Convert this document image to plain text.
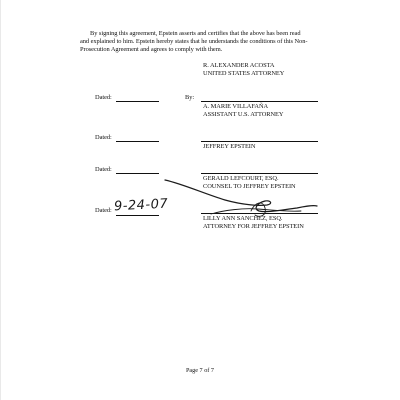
By signing this agreement, Epstein asserts and certifies that the above has been read
and explained to him. Epstein hereby states that he understands the conditions of this Non-
Prosecution Agreement and agrees to comply with them.
R. ALEXANDER ACOSTA
UNITED STATES ATTORNEY
Dated:	By:
A. MARIE VILLAFAÑA
ASSISTANT U.S. ATTORNEY
Dated:
JEFFREY EPSTEIN
Dated:
GERALD LEFCOURT, ESQ.
COUNSEL TO JEFFREY EPSTEIN
Dated: 9-24-07
LILLY ANN SANCHEZ, ESQ.
ATTORNEY FOR JEFFREY EPSTEIN
Page 7 of 7
